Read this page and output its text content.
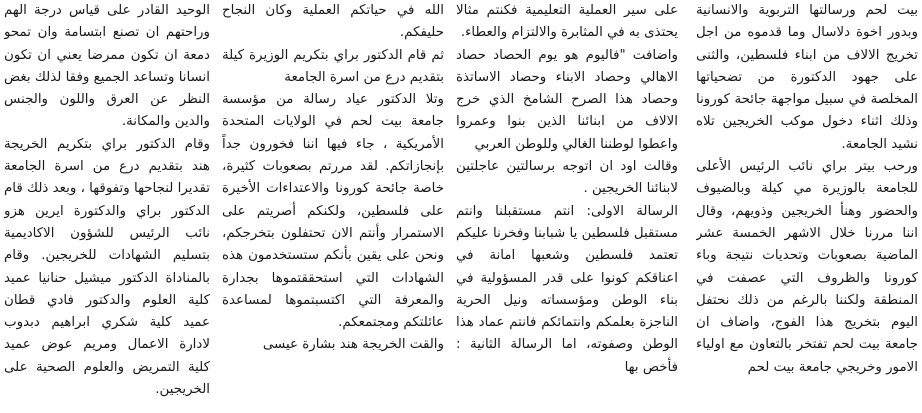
بيت لحم ورسالتها التربوية والانسانية وبدور اخوة دلاسال وما قدموه من اجل تخريج الالاف من ابناء فلسطين، والثنى على جهود الدكتورة من تضحياتها المخلصة في سبيل مواجهة جائحة كورونا وذلك اثناء دخول موكب الخريجين تلاه نشيد الجامعة.

ورحب بيتر براي نائب الرئيس الأعلى للجامعة بالوزيرة مي كيلة وبالضيوف والحضور وهنأ الخريجين وذويهم، وقال اننا مررنا خلال الاشهر الخمسة عشر الماضية بصعوبات وتحديات نتيجة وباء كورونا والظروف التي عصفت في المنطقة ولكننا بالرغم من ذلك نحتفل اليوم بتخريج هذا الفوج، واضاف ان جامعة بيت لحم تفتخر بالتعاون مع اولياء الامور وخريجي جامعة بيت لحم

على سير العملية التعليمية فكنتم مثالا يحتذى به في المثابرة والالتزام والعطاء.

واضافت "فاليوم هو يوم الحصاد حصاد الاهالي وحصاد الابناء وحصاد الاساتذة وحصاد هذا الصرح الشامخ الذي خرج الالاف من ابنائنا الذين بنوا وعمروا واعطوا لوطننا الغالي وللوطن العربي

وقالت اود ان اتوجه برسالتين عاجلتين لابنائنا الخريجين .

الرسالة الاولى: انتم مستقبلنا وانتم مستقبل فلسطين يا شبابنا وفخرنا عليكم تعتمد فلسطين وشعبها امانة في اعناقكم كونوا على قدر المسؤولية في بناء الوطن ومؤسساته ونيل الحرية الناجزة بعلمكم وانتمائكم فانتم عماد هذا الوطن وصفوته، اما الرسالة الثانية : فأخص بها

الله في حياتكم العملية وكان النجاح حليفكم.

ثم قام الدكتور براي بتكريم الوزيرة كيلة بتقديم درع من اسرة الجامعة

وتلا الدكتور عياد رسالة من مؤسسة جامعة بيت لحم في الولايات المتحدة الأمريكية ، جاء فيها اننا فخورون جداً بإنجازاتكم. لقد مررتم بصعوبات كثيرة، خاصة جائحة كورونا والاعتداءات الأخيرة على فلسطين، ولكنكم أصريتم على الاستمرار وأنتم الان تحتفلون بتخرجكم، ونحن على يقين بأنكم ستستخدمون هذه الشهادات التي استحققتموها بجدارة والمعرفة التي اكتسبتموها لمساعدة عائلتكم ومجتمعكم.

والقت الخريجة هند بشارة عيسى

الوحيد القادر على قياس درجة الهم وراحتهم ان تصنع ابتسامة وان تمحو دمعة ان تكون ممرضا يعني ان تكون انسانا وتساعد الجميع وفقا لذلك بغض النظر عن العرق واللون والجنس والدين والمكانة.

وقام الدكتور براي بتكريم الخريجة هند بتقديم درع من اسرة الجامعة تقديرا لنجاحها وتفوقها ، وبعد ذلك قام الدكتور براي والدكتورة ايرين هزو نائب الرئيس للشؤون الاكاديمية بتسليم الشهادات للخريجين. وقام بالمناداة الدكتور ميشيل حنانيا عميد كلية العلوم والدكتور فادي قطان عميد كلية شكري ابراهيم دبدوب لادارة الاعمال ومريم عوض عميد كلية التمريض والعلوم الصحية على الخريجين.
